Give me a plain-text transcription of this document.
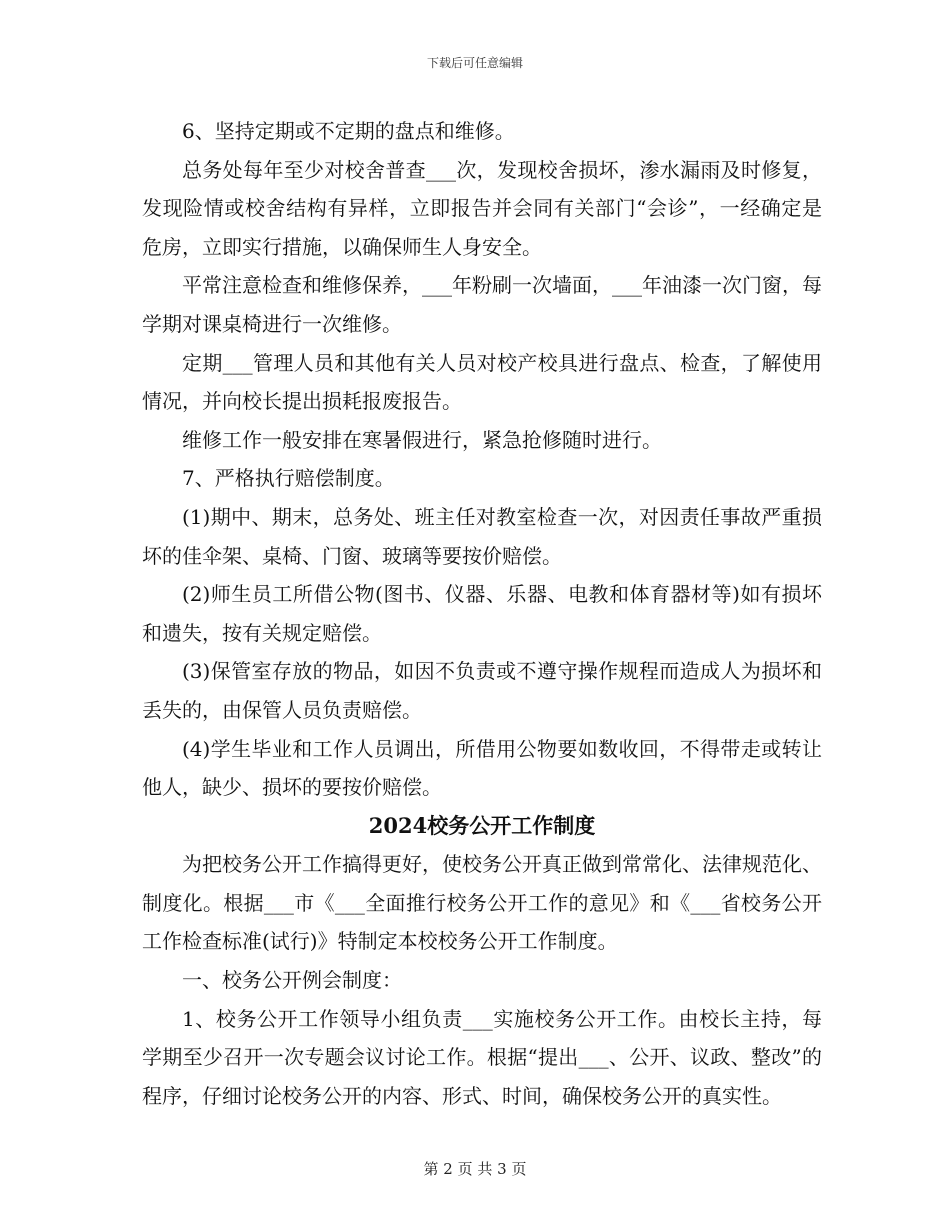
下载后可任意编辑

6、坚持定期或不定期的盘点和维修。

总务处每年至少对校舍普查___次，发现校舍损坏，渗水漏雨及时修复，发现险情或校舍结构有异样，立即报告并会同有关部门“会诊”，一经确定是危房，立即实行措施，以确保师生人身安全。

平常注意检查和维修保养，___年粉刷一次墙面，___年油漆一次门窗，每学期对课桌椅进行一次维修。

定期___管理人员和其他有关人员对校产校具进行盘点、检查，了解使用情况，并向校长提出损耗报废报告。

维修工作一般安排在寒暑假进行，紧急抢修随时进行。

7、严格执行赔偿制度。

(1)期中、期末，总务处、班主任对教室检查一次，对因责任事故严重损坏的佳伞架、桌椅、门窗、玻璃等要按价赔偿。

(2)师生员工所借公物(图书、仪器、乐器、电教和体育器材等)如有损坏和遗失，按有关规定赔偿。

(3)保管室存放的物品，如因不负责或不遵守操作规程而造成人为损坏和丢失的，由保管人员负责赔偿。

(4)学生毕业和工作人员调出，所借用公物要如数收回，不得带走或转让他人，缺少、损坏的要按价赔偿。

2024校务公开工作制度

为把校务公开工作搞得更好，使校务公开真正做到常常化、法律规范化、制度化。根据___市《___全面推行校务公开工作的意见》和《___省校务公开工作检查标准(试行)》特制定本校校务公开工作制度。

一、校务公开例会制度：

1、校务公开工作领导小组负责___实施校务公开工作。由校长主持，每学期至少召开一次专题会议讨论工作。根据“提出___、公开、议政、整改”的程序，仔细讨论校务公开的内容、形式、时间，确保校务公开的真实性。

第 2 页 共 3 页
